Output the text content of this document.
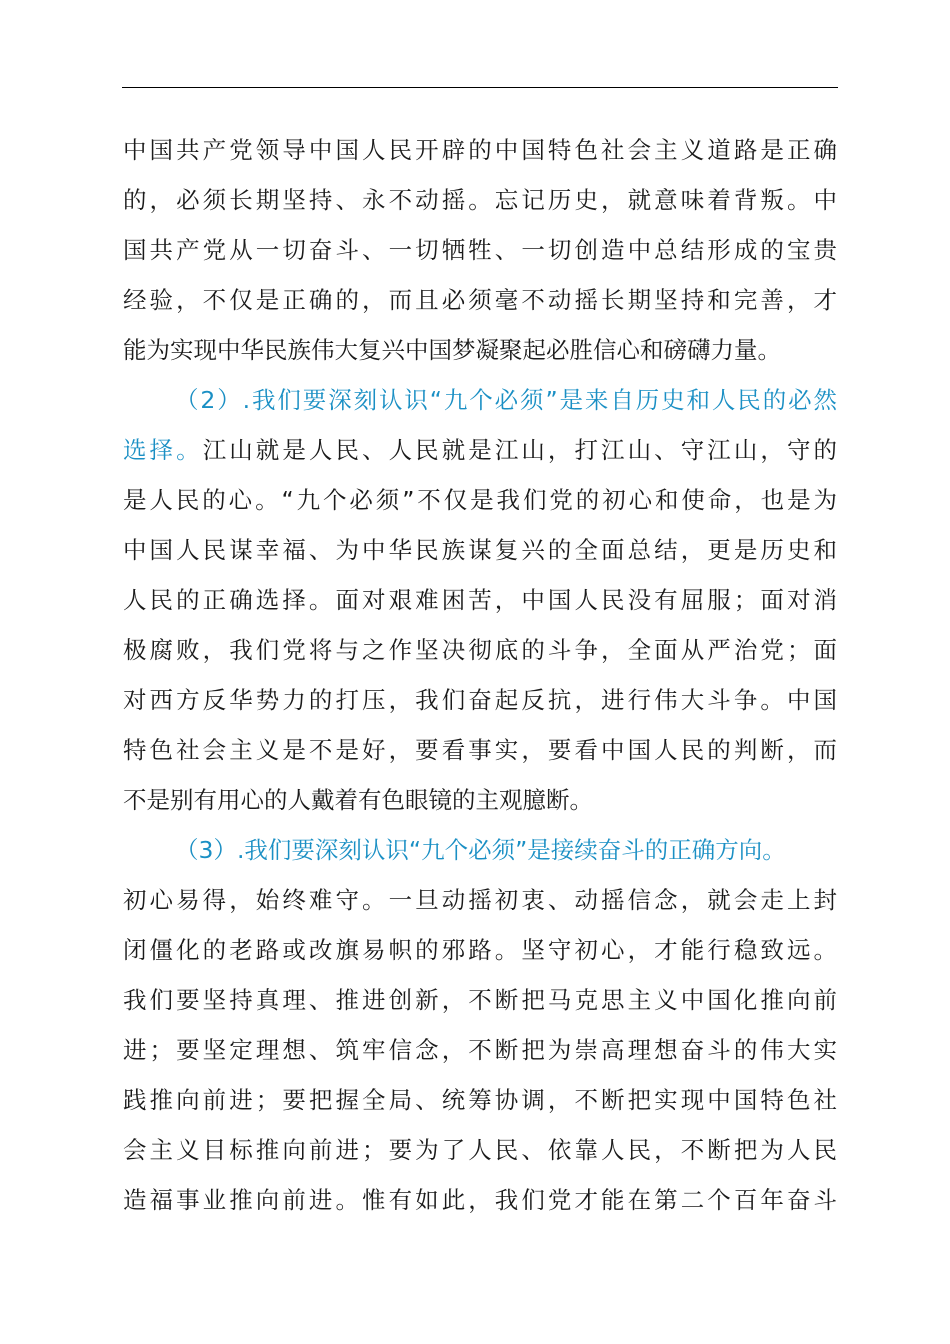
中国共产党领导中国人民开辟的中国特色社会主义道路是正确
的，必须长期坚持、永不动摇。忘记历史，就意味着背叛。中
国共产党从一切奋斗、一切牺牲、一切创造中总结形成的宝贵
经验，不仅是正确的，而且必须毫不动摇长期坚持和完善，才
能为实现中华民族伟大复兴中国梦凝聚起必胜信心和磅礴力量。
（2）.我们要深刻认识“九个必须”是来自历史和人民的必然
选择。江山就是人民、人民就是江山，打江山、守江山，守的
是人民的心。“九个必须”不仅是我们党的初心和使命，也是为
中国人民谋幸福、为中华民族谋复兴的全面总结，更是历史和
人民的正确选择。面对艰难困苦，中国人民没有屈服；面对消
极腐败，我们党将与之作坚决彻底的斗争，全面从严治党；面
对西方反华势力的打压，我们奋起反抗，进行伟大斗争。中国
特色社会主义是不是好，要看事实，要看中国人民的判断，而
不是别有用心的人戴着有色眼镜的主观臆断。
（3）.我们要深刻认识“九个必须”是接续奋斗的正确方向。
初心易得，始终难守。一旦动摇初衷、动摇信念，就会走上封
闭僵化的老路或改旗易帜的邪路。坚守初心，才能行稳致远。
我们要坚持真理、推进创新，不断把马克思主义中国化推向前
进；要坚定理想、筑牢信念，不断把为崇高理想奋斗的伟大实
践推向前进；要把握全局、统筹协调，不断把实现中国特色社
会主义目标推向前进；要为了人民、依靠人民，不断把为人民
造福事业推向前进。惟有如此，我们党才能在第二个百年奋斗
